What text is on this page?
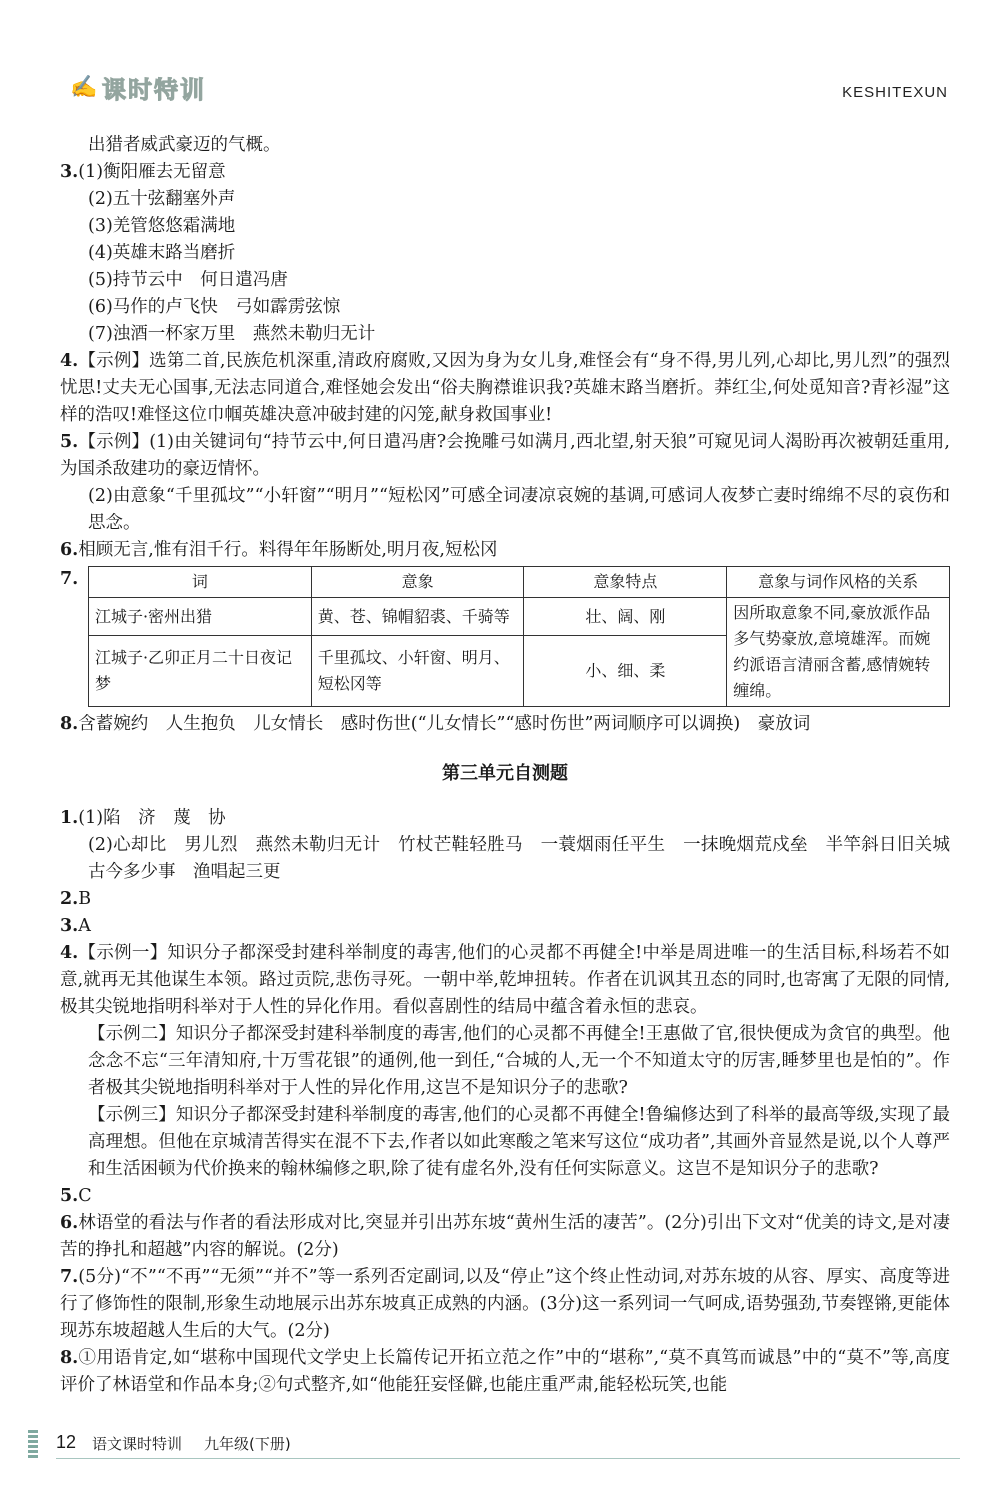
✍ 课时特训	KESHITEXUN
出猎者威武豪迈的气概。
3.(1)衡阳雁去无留意
(2)五十弦翻塞外声
(3)羌管悠悠霜满地
(4)英雄末路当磨折
(5)持节云中　何日遣冯唐
(6)马作的卢飞快　弓如霹雳弦惊
(7)浊酒一杯家万里　燕然未勒归无计
4.【示例】选第二首,民族危机深重,清政府腐败,又因为身为女儿身,难怪会有“身不得,男儿列,心却比,男儿烈”的强烈忧思!丈夫无心国事,无法志同道合,难怪她会发出“俗夫胸襟谁识我?英雄末路当磨折。莽红尘,何处觅知音?青衫湿”这样的浩叹!难怪这位巾帼英雄决意冲破封建的闪笼,献身救国事业!
5.【示例】(1)由关键词句“持节云中,何日遣冯唐?会挽雕弓如满月,西北望,射天狼”可窥见词人渴盼再次被朝廷重用,为国杀敌建功的豪迈情怀。
(2)由意象“千里孤坟”“小轩窗”“明月”“短松冈”可感全词凄凉哀婉的基调,可感词人夜梦亡妻时绵绵不尽的哀伤和思念。
6.相顾无言,惟有泪千行。料得年年肠断处,明月夜,短松冈
7.	词	意象	意象特点	意象与词作风格的关系
江城子·密州出猎	黄、苍、锦帽貂裘、千骑等	壮、阔、刚	因所取意象不同,豪放派作品多气势豪放,意境雄浑。而婉约派语言清丽含蓄,感情婉转缠绵。
江城子·乙卯正月二十日夜记梦	千里孤坟、小轩窗、明月、短松冈等	小、细、柔	
8.含蓄婉约　人生抱负　儿女情长　感时伤世(“儿女情长”“感时伤世”两词顺序可以调换)　豪放词
第三单元自测题
1.(1)陷　济　蔑　协
(2)心却比　男儿烈　燕然未勒归无计　竹杖芒鞋轻胜马　一蓑烟雨任平生　一抹晚烟荒戍垒　半竿斜日旧关城　古今多少事　渔唱起三更
2.B
3.A
4.【示例一】知识分子都深受封建科举制度的毒害,他们的心灵都不再健全!中举是周进唯一的生活目标,科场若不如意,就再无其他谋生本领。路过贡院,悲伤寻死。一朝中举,乾坤扭转。作者在讥讽其丑态的同时,也寄寓了无限的同情,极其尖锐地指明科举对于人性的异化作用。看似喜剧性的结局中蕴含着永恒的悲哀。
【示例二】知识分子都深受封建科举制度的毒害,他们的心灵都不再健全!王惠做了官,很快便成为贪官的典型。他念念不忘“三年清知府,十万雪花银”的通例,他一到任,“合城的人,无一个不知道太守的厉害,睡梦里也是怕的”。作者极其尖锐地指明科举对于人性的异化作用,这岂不是知识分子的悲歌?
【示例三】知识分子都深受封建科举制度的毒害,他们的心灵都不再健全!鲁编修达到了科举的最高等级,实现了最高理想。但他在京城清苦得实在混不下去,作者以如此寒酸之笔来写这位“成功者”,其画外音显然是说,以个人尊严和生活困顿为代价换来的翰林编修之职,除了徒有虚名外,没有任何实际意义。这岂不是知识分子的悲歌?
5.C
6.林语堂的看法与作者的看法形成对比,突显并引出苏东坡“黄州生活的凄苦”。(2分)引出下文对“优美的诗文,是对凄苦的挣扎和超越”内容的解说。(2分)
7.(5分)“不”“不再”“无须”“并不”等一系列否定副词,以及“停止”这个终止性动词,对苏东坡的从容、厚实、高度等进行了修饰性的限制,形象生动地展示出苏东坡真正成熟的内涵。(3分)这一系列词一气呵成,语势强劲,节奏铿锵,更能体现苏东坡超越人生后的大气。(2分)
8.①用语肯定,如“堪称中国现代文学史上长篇传记开拓立范之作”中的“堪称”,“莫不真笃而诚恳”中的“莫不”等,高度评价了林语堂和作品本身;②句式整齐,如“他能狂妄怪僻,也能庄重严肃,能轻松玩笑,也能
12 语文课时特训 九年级(下册)
